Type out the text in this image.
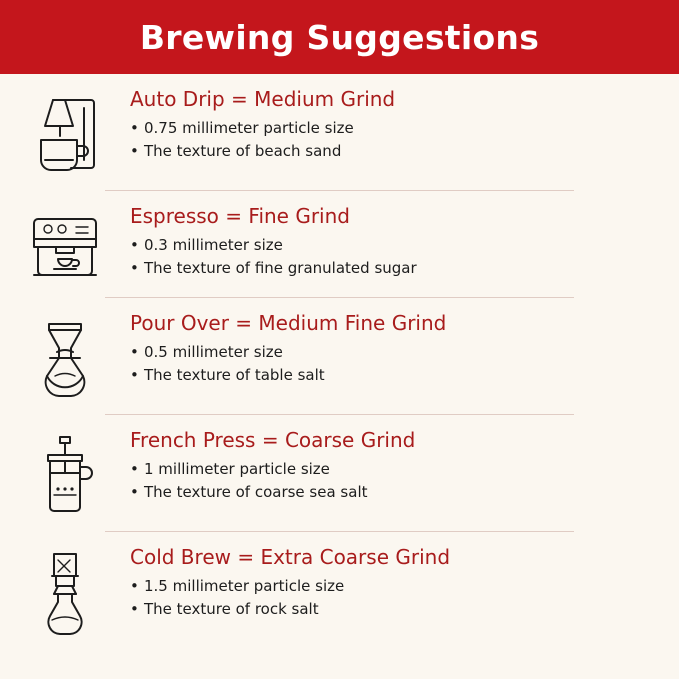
Brewing Suggestions
Auto Drip = Medium Grind
• 0.75 millimeter particle size
• The texture of beach sand
Espresso = Fine Grind
• 0.3 millimeter size
• The texture of fine granulated sugar
Pour Over = Medium Fine Grind
• 0.5 millimeter size
• The texture of table salt
French Press = Coarse Grind
• 1 millimeter particle size
• The texture of coarse sea salt
Cold Brew = Extra Coarse Grind
• 1.5 millimeter particle size
• The texture of rock salt
